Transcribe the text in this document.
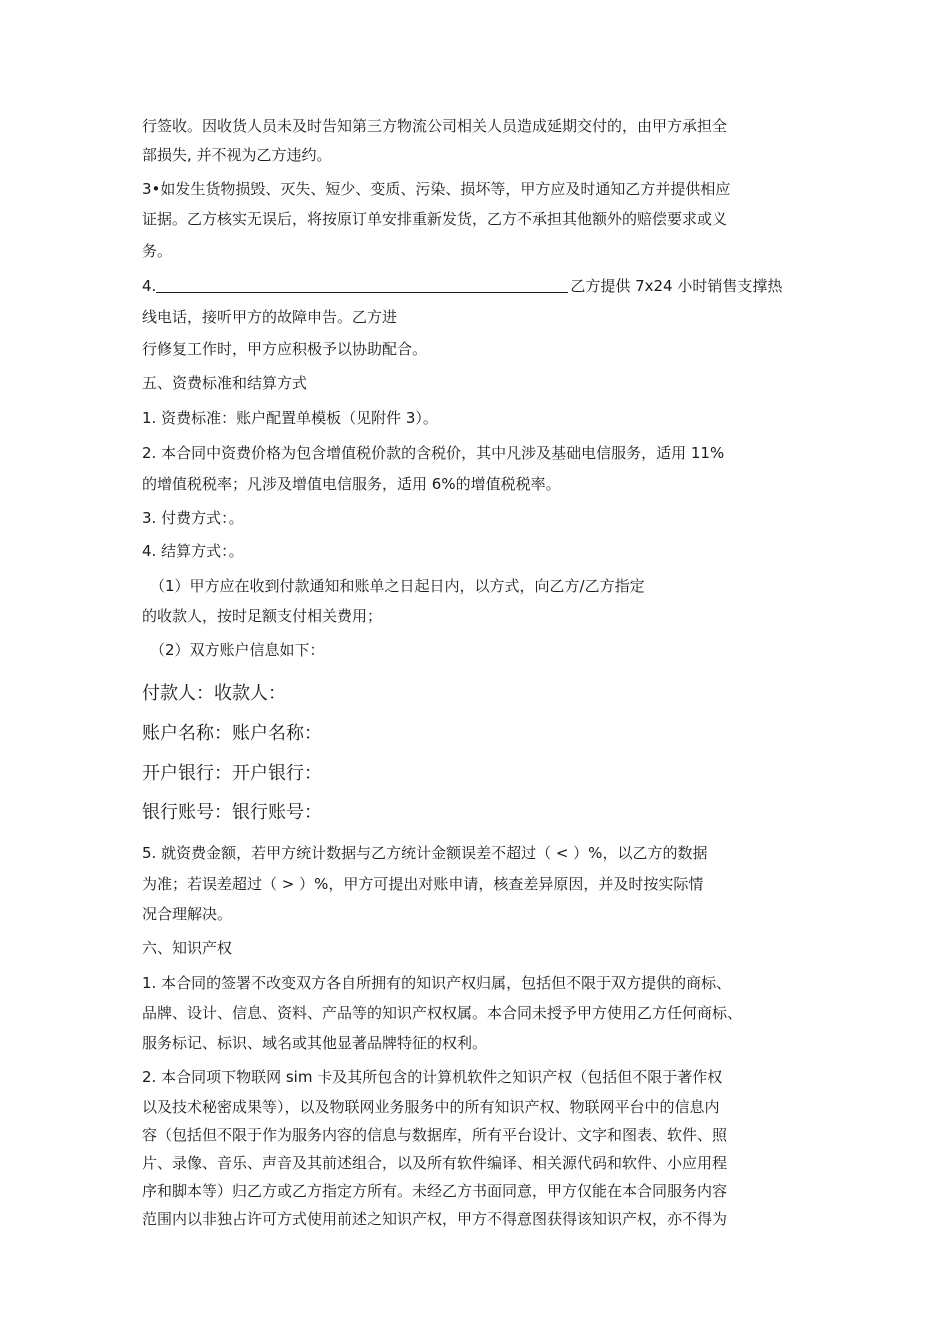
行签收。因收货人员未及时告知第三方物流公司相关人员造成延期交付的，由甲方承担全
部损失, 并不视为乙方违约。
3•如发生货物损毁、灭失、短少、变质、污染、损坏等，甲方应及时通知乙方并提供相应
证据。乙方核实无误后，将按原订单安排重新发货，乙方不承担其他额外的赔偿要求或义
务。
4.	乙方提供 7x24 小时销售支撑热
线电话，接听甲方的故障申告。乙方进
行修复工作时，甲方应积极予以协助配合。
五、资费标准和结算方式
1. 资费标准：账户配置单模板（见附件 3）。
2. 本合同中资费价格为包含增值税价款的含税价，其中凡涉及基础电信服务，适用 11%
的增值税税率；凡涉及增值电信服务，适用 6%的增值税税率。
3. 付费方式：。
4. 结算方式：。
（1）甲方应在收到付款通知和账单之日起日内，以方式，向乙方/乙方指定
的收款人，按时足额支付相关费用；
（2）双方账户信息如下：
付款人：收款人：
账户名称：账户名称：
开户银行：开户银行：
银行账号：银行账号：
5. 就资费金额，若甲方统计数据与乙方统计金额误差不超过（ < ）%，以乙方的数据
为准；若误差超过（ > ）%，甲方可提出对账申请，核查差异原因，并及时按实际情
况合理解决。
六、知识产权
1. 本合同的签署不改变双方各自所拥有的知识产权归属，包括但不限于双方提供的商标、
品牌、设计、信息、资料、产品等的知识产权权属。本合同未授予甲方使用乙方任何商标、
服务标记、标识、域名或其他显著品牌特征的权利。
2. 本合同项下物联网 sim 卡及其所包含的计算机软件之知识产权（包括但不限于著作权
以及技术秘密成果等），以及物联网业务服务中的所有知识产权、物联网平台中的信息内
容（包括但不限于作为服务内容的信息与数据库，所有平台设计、文字和图表、软件、照
片、录像、音乐、声音及其前述组合，以及所有软件编译、相关源代码和软件、小应用程
序和脚本等）归乙方或乙方指定方所有。未经乙方书面同意，甲方仅能在本合同服务内容
范围内以非独占许可方式使用前述之知识产权，甲方不得意图获得该知识产权，亦不得为
